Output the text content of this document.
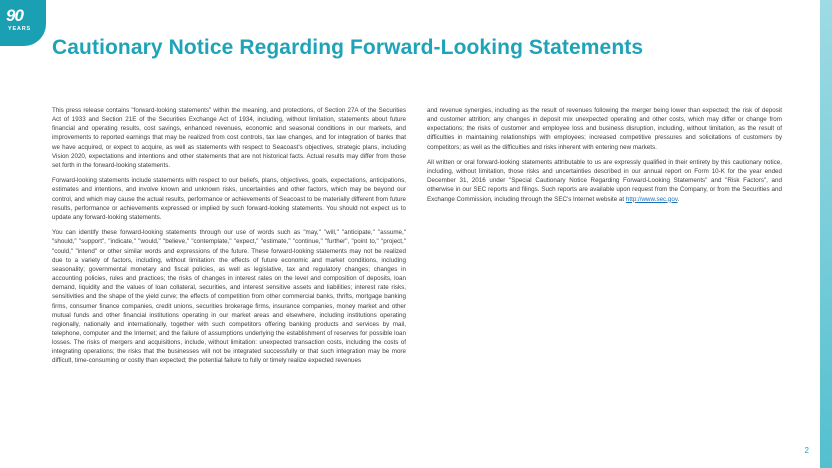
90
YEARS
Cautionary Notice Regarding Forward-Looking Statements

This press release contains "forward-looking statements" within the meaning, and protections, of Section 27A of the Securities Act of 1933 and Section 21E of the Securities Exchange Act of 1934, including, without limitation, statements about future financial and operating results, cost savings, enhanced revenues, economic and seasonal conditions in our markets, and improvements to reported earnings that may be realized from cost controls, tax law changes, and for integration of banks that we have acquired, or expect to acquire, as well as statements with respect to Seacoast's objectives, strategic plans, including Vision 2020, expectations and intentions and other statements that are not historical facts. Actual results may differ from those set forth in the forward-looking statements.

Forward-looking statements include statements with respect to our beliefs, plans, objectives, goals, expectations, anticipations, estimates and intentions, and involve known and unknown risks, uncertainties and other factors, which may be beyond our control, and which may cause the actual results, performance or achievements of Seacoast to be materially different from future results, performance or achievements expressed or implied by such forward-looking statements. You should not expect us to update any forward-looking statements.

You can identify these forward-looking statements through our use of words such as "may," "will," "anticipate," "assume," "should," "support", "indicate," "would," "believe," "contemplate," "expect," "estimate," "continue," "further", "point to," "project," "could," "intend" or other similar words and expressions of the future. These forward-looking statements may not be realized due to a variety of factors, including, without limitation: the effects of future economic and market conditions, including seasonality; governmental monetary and fiscal policies, as well as legislative, tax and regulatory changes; changes in accounting policies, rules and practices; the risks of changes in interest rates on the level and composition of deposits, loan demand, liquidity and the values of loan collateral, securities, and interest sensitive assets and liabilities; interest rate risks, sensitivities and the shape of the yield curve; the effects of competition from other commercial banks, thrifts, mortgage banking firms, consumer finance companies, credit unions, securities brokerage firms, insurance companies, money market and other mutual funds and other financial institutions operating in our market areas and elsewhere, including institutions operating regionally, nationally and internationally, together with such competitors offering banking products and services by mail, telephone, computer and the Internet; and the failure of assumptions underlying the establishment of reserves for possible loan losses. The risks of mergers and acquisitions, include, without limitation: unexpected transaction costs, including the costs of integrating operations; the risks that the businesses will not be integrated successfully or that such integration may be more difficult, time-consuming or costly than expected; the potential failure to fully or timely realize expected revenues

and revenue synergies, including as the result of revenues following the merger being lower than expected; the risk of deposit and customer attrition; any changes in deposit mix unexpected operating and other costs, which may differ or change from expectations; the risks of customer and employee loss and business disruption, including, without limitation, as the result of difficulties in maintaining relationships with employees; increased competitive pressures and solicitations of customers by competitors; as well as the difficulties and risks inherent with entering new markets.

All written or oral forward-looking statements attributable to us are expressly qualified in their entirety by this cautionary notice, including, without limitation, those risks and uncertainties described in our annual report on Form 10-K for the year ended December 31, 2016 under "Special Cautionary Notice Regarding Forward-Looking Statements" and "Risk Factors", and otherwise in our SEC reports and filings. Such reports are available upon request from the Company, or from the Securities and Exchange Commission, including through the SEC's Internet website at http://www.sec.gov.

2
